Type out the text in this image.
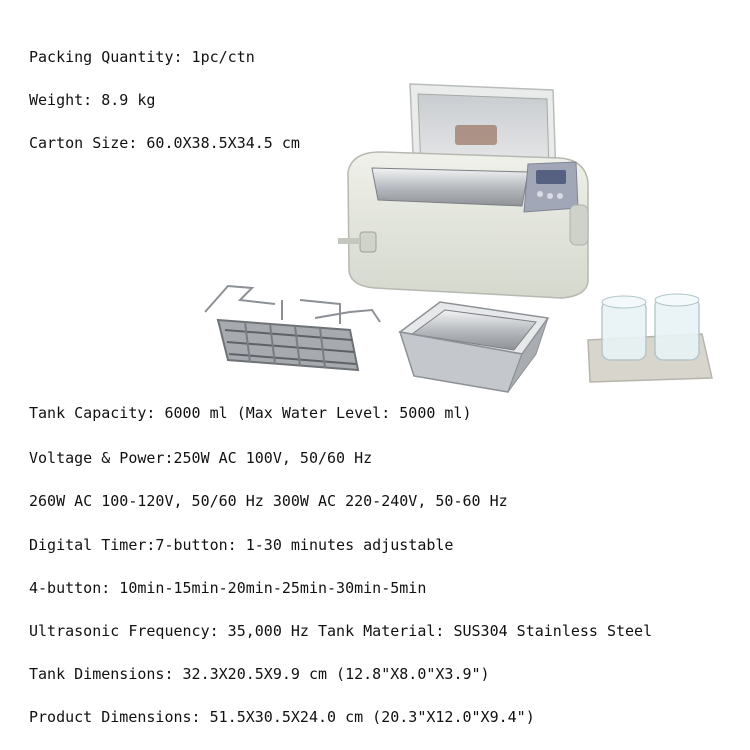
Packing Quantity: 1pc/ctn
Weight: 8.9 kg
Carton Size: 60.0X38.5X34.5 cm
Tank Capacity: 6000 ml (Max Water Level: 5000 ml)
Voltage & Power:250W AC 100V, 50/60 Hz
260W AC 100-120V, 50/60 Hz 300W AC 220-240V, 50-60 Hz
Digital Timer:7-button: 1-30 minutes adjustable
4-button: 10min-15min-20min-25min-30min-5min
Ultrasonic Frequency: 35,000 Hz Tank Material: SUS304 Stainless Steel
Tank Dimensions: 32.3X20.5X9.9 cm (12.8"X8.0"X3.9")
Product Dimensions: 51.5X30.5X24.0 cm (20.3"X12.0"X9.4")
